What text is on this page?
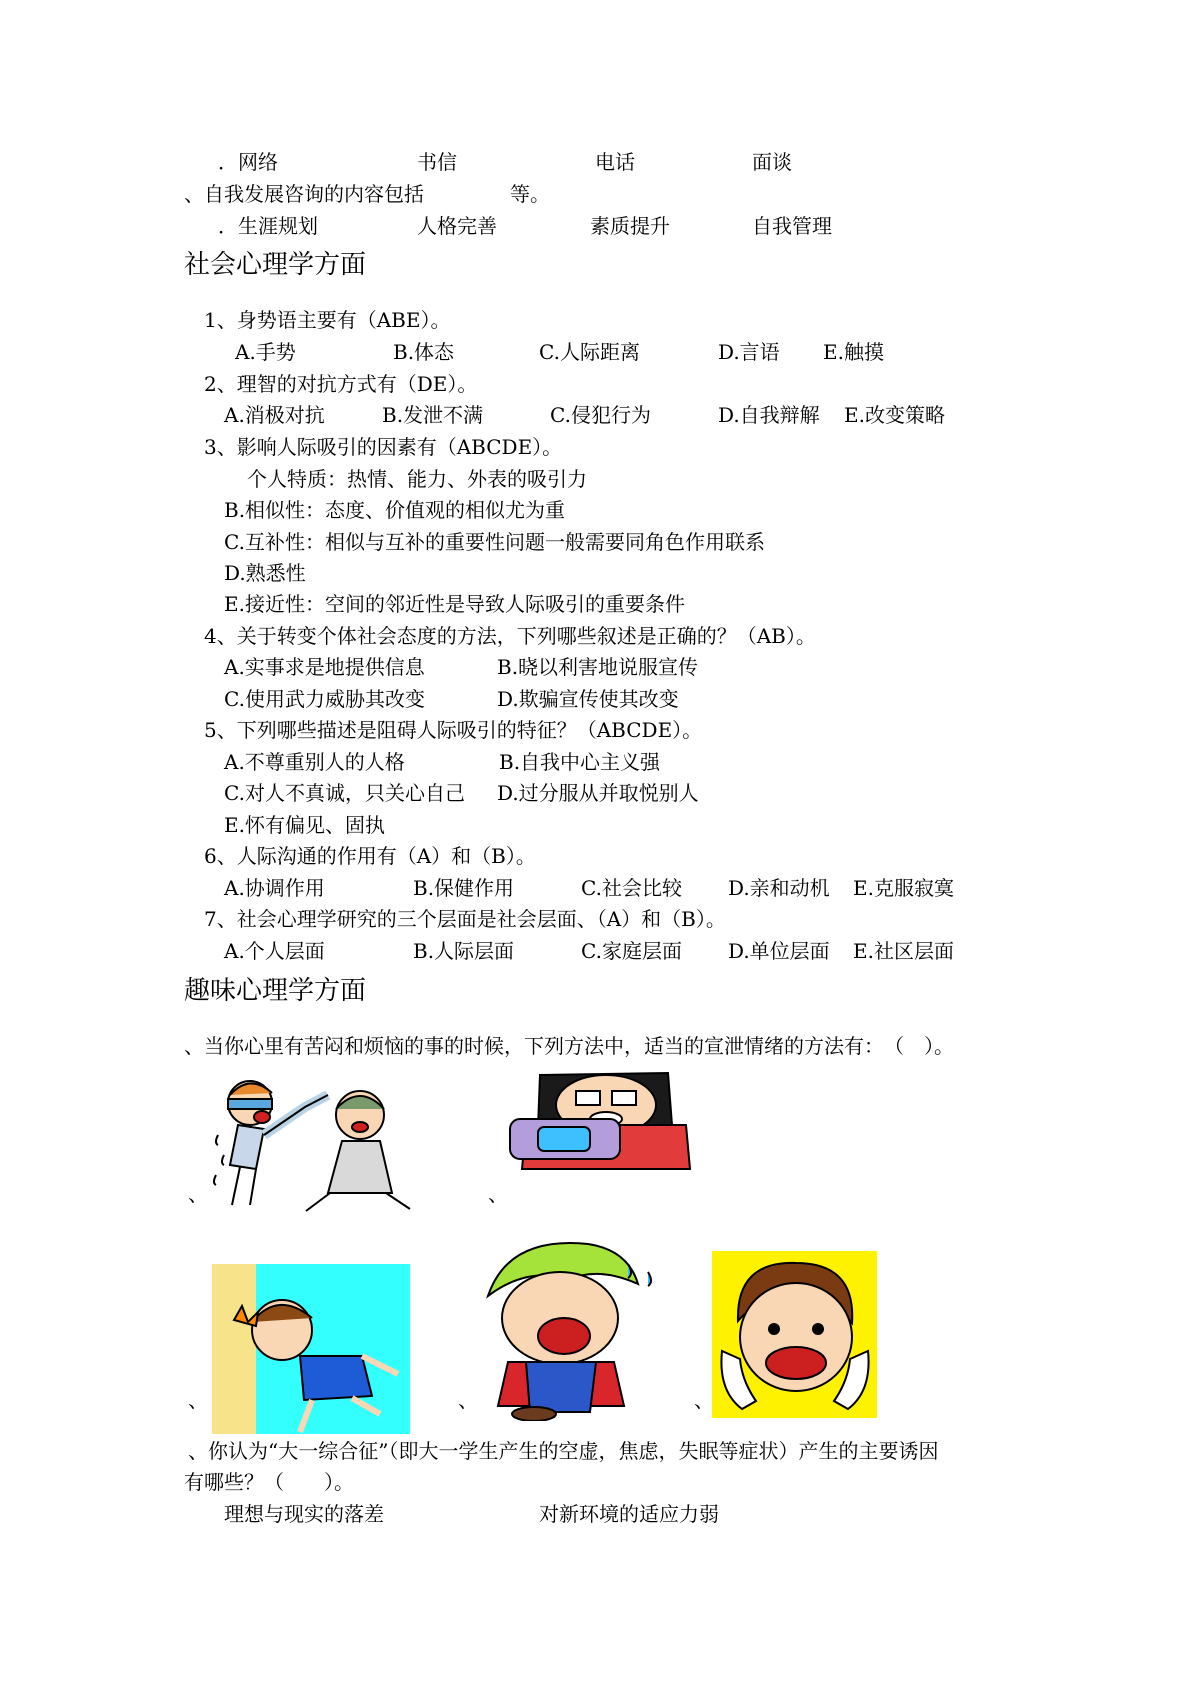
．网络	书信	电话	面谈
、自我发展咨询的内容包括	等。
．生涯规划	人格完善	素质提升	自我管理
社会心理学方面
1、身势语主要有（ABE）。
A.手势	B.体态	C.人际距离	D.言语 E.触摸
2、理智的对抗方式有（DE）。
A.消极对抗	B.发泄不满	C.侵犯行为	D.自我辩解 E.改变策略
3、影响人际吸引的因素有（ABCDE）。
个人特质：热情、能力、外表的吸引力
B.相似性：态度、价值观的相似尤为重
C.互补性：相似与互补的重要性问题一般需要同角色作用联系
D.熟悉性
E.接近性：空间的邻近性是导致人际吸引的重要条件
4、关于转变个体社会态度的方法，下列哪些叙述是正确的？（AB）。
A.实事求是地提供信息	B.晓以利害地说服宣传
C.使用武力威胁其改变	D.欺骗宣传使其改变
5、下列哪些描述是阻碍人际吸引的特征？（ABCDE）。
A.不尊重别人的人格	B.自我中心主义强
C.对人不真诚，只关心自己 D.过分服从并取悦别人
E.怀有偏见、固执
6、人际沟通的作用有（A）和（B）。
A.协调作用	B.保健作用	C.社会比较 D.亲和动机 E.克服寂寞
7、社会心理学研究的三个层面是社会层面、（A）和（B）。
A.个人层面	B.人际层面	C.家庭层面 D.单位层面 E.社区层面
趣味心理学方面
、当你心里有苦闷和烦恼的事的时候，下列方法中，适当的宣泄情绪的方法有：　（　）。
、	、
、	、	、
、你认为“大一综合征”（即大一学生产生的空虚，焦虑，失眠等症状）产生的主要诱因
有哪些？（　　）。
理想与现实的落差	对新环境的适应力弱
